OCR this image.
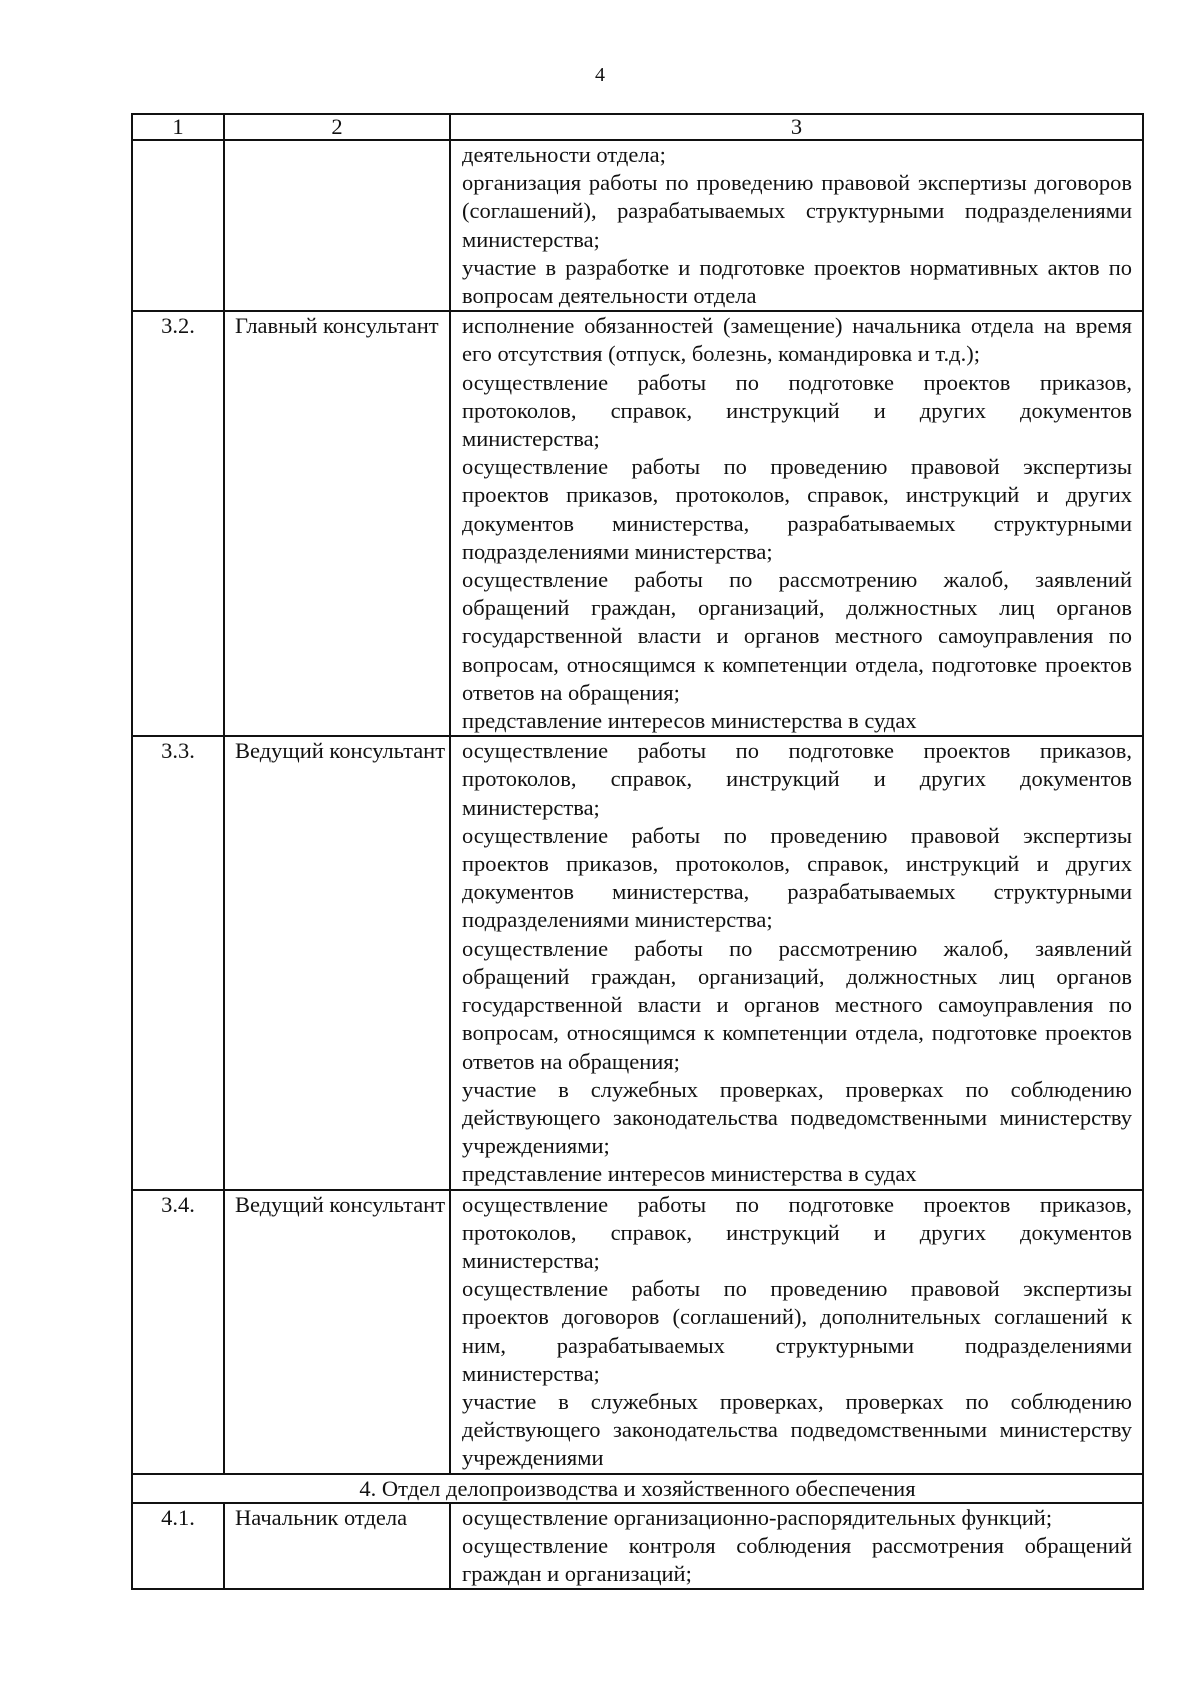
4
1	2	3

		деятельности отдела;
организация работы по проведению правовой экспертизы договоров (соглашений), разрабатываемых структурными подразделениями министерства;
участие в разработке и подготовке проектов нормативных актов по вопросам деятельности отдела

3.2.	Главный консультант	исполнение обязанностей (замещение) начальника отдела на время его отсутствия (отпуск, болезнь, командировка и т.д.);
осуществление работы по подготовке проектов приказов, протоколов, справок, инструкций и других документов министерства;
осуществление работы по проведению правовой экспертизы проектов приказов, протоколов, справок, инструкций и других документов министерства, разрабатываемых структурными подразделениями министерства;
осуществление работы по рассмотрению жалоб, заявлений обращений граждан, организаций, должностных лиц органов государственной власти и органов местного самоуправления по вопросам, относящимся к компетенции отдела, подготовке проектов ответов на обращения;
представление интересов министерства в судах

3.3.	Ведущий консультант	осуществление работы по подготовке проектов приказов, протоколов, справок, инструкций и других документов министерства;
осуществление работы по проведению правовой экспертизы проектов приказов, протоколов, справок, инструкций и других документов министерства, разрабатываемых структурными подразделениями министерства;
осуществление работы по рассмотрению жалоб, заявлений обращений граждан, организаций, должностных лиц органов государственной власти и органов местного самоуправления по вопросам, относящимся к компетенции отдела, подготовке проектов ответов на обращения;
участие в служебных проверках, проверках по соблюдению действующего законодательства подведомственными министерству учреждениями;
представление интересов министерства в судах

3.4.	Ведущий консультант	осуществление работы по подготовке проектов приказов, протоколов, справок, инструкций и других документов министерства;
осуществление работы по проведению правовой экспертизы проектов договоров (соглашений), дополнительных соглашений к ним, разрабатываемых структурными подразделениями министерства;
участие в служебных проверках, проверках по соблюдению действующего законодательства подведомственными министерству учреждениями

4. Отдел делопроизводства и хозяйственного обеспечения		
4.1.	Начальник отдела	осуществление организационно-распорядительных функций;
осуществление контроля соблюдения рассмотрения обращений граждан и организаций;
